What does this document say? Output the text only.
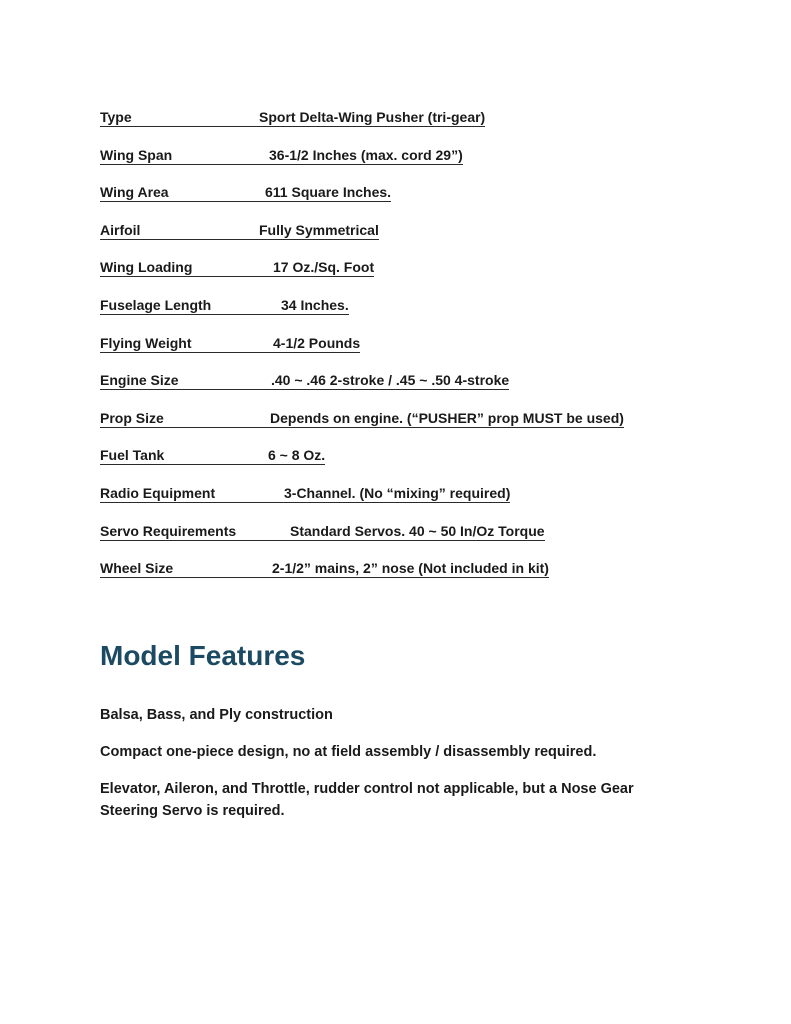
Type	Sport Delta-Wing Pusher (tri-gear)
Wing Span	36-1/2 Inches (max. cord 29”)
Wing Area	611 Square Inches.
Airfoil	Fully Symmetrical
Wing Loading	17 Oz./Sq. Foot
Fuselage Length	34 Inches.
Flying Weight	4-1/2 Pounds
Engine Size	.40 ~ .46 2-stroke / .45 ~ .50 4-stroke
Prop Size	Depends on engine. (“PUSHER” prop MUST be used)
Fuel Tank	6 ~ 8 Oz.
Radio Equipment	3-Channel. (No “mixing” required)
Servo Requirements	Standard Servos. 40 ~ 50 In/Oz Torque
Wheel Size	2-1/2” mains, 2” nose (Not included in kit)
Model Features

Balsa, Bass, and Ply construction

Compact one-piece design, no at field assembly / disassembly required.

Elevator, Aileron, and Throttle, rudder control not applicable, but a Nose Gear Steering Servo is required.
